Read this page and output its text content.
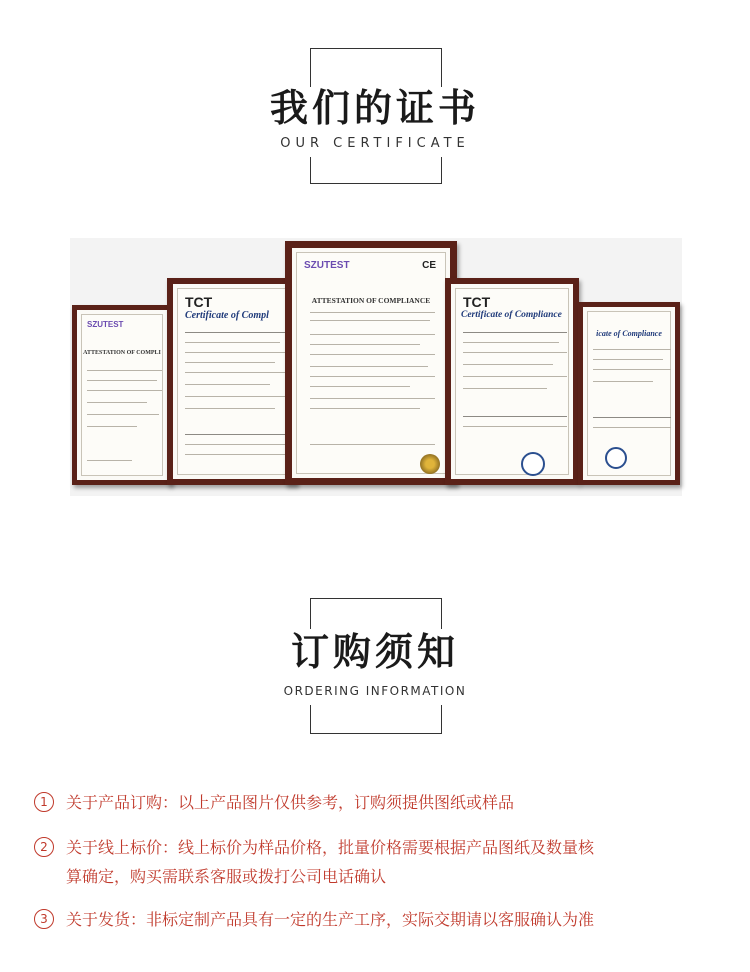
我们的证书
OUR CERTIFICATE
SZUTEST
ATTESTATION OF COMPLI
TCT
Certificate of Compl
SZUTEST	CE
ATTESTATION OF COMPLIANCE	TCT
Certificate of Compliance
icate of Compliance
订购须知
ORDERING INFORMATION
1	关于产品订购：以上产品图片仅供参考，订购须提供图纸或样品
2	关于线上标价：线上标价为样品价格，批量价格需要根据产品图纸及数量核
算确定，购买需联系客服或拨打公司电话确认
3	关于发货：非标定制产品具有一定的生产工序，实际交期请以客服确认为准
